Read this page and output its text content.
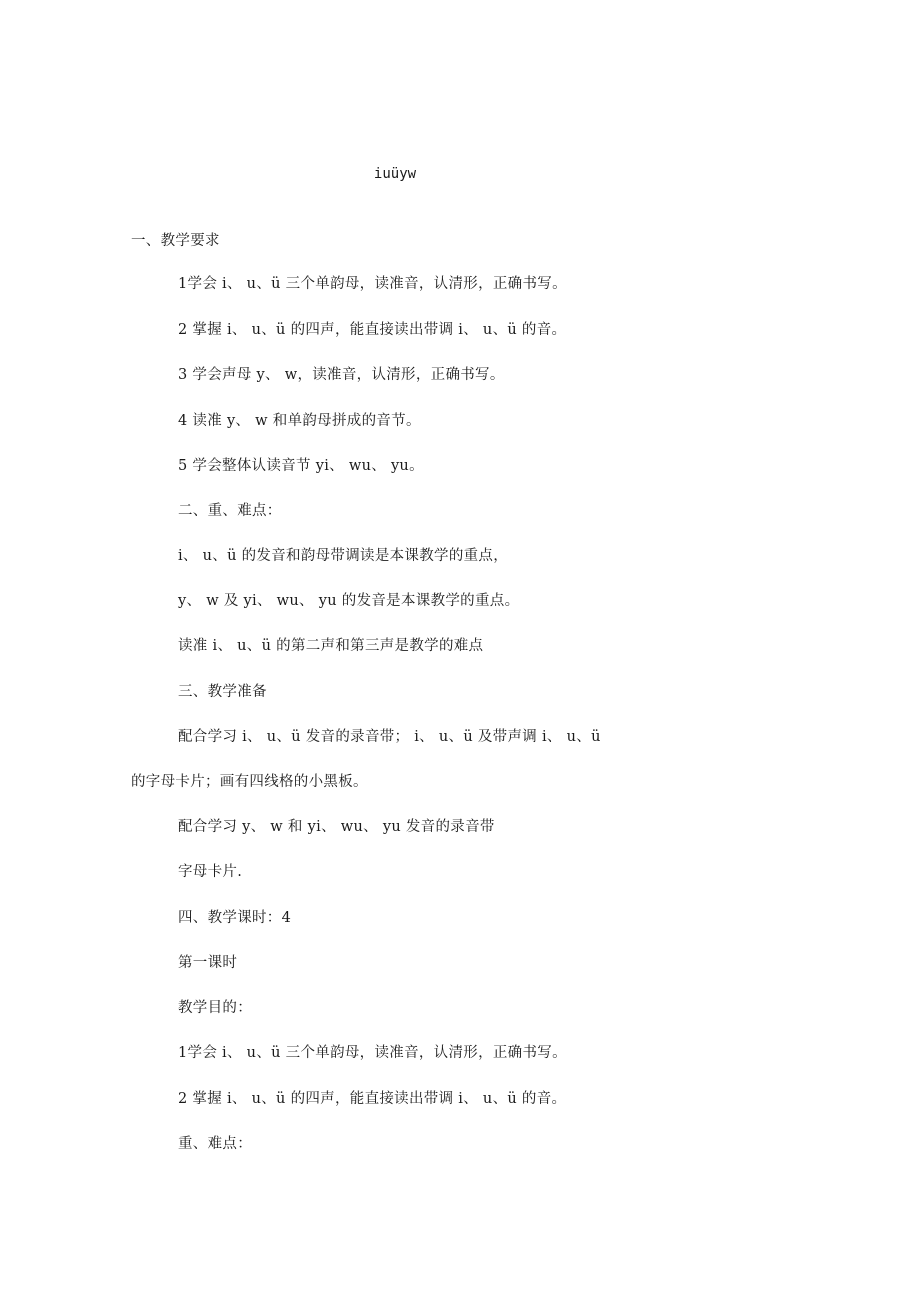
iuüyw
一、教学要求
1学会 i、 u、ü 三个单韵母，读准音，认清形，正确书写。
2 掌握 i、 u、ü 的四声，能直接读出带调 i、 u、ü 的音。
3 学会声母 y、 w，读准音，认清形，正确书写。
4 读准 y、 w 和单韵母拼成的音节。
5 学会整体认读音节 yi、 wu、 yu。
二、重、难点：
i、 u、ü 的发音和韵母带调读是本课教学的重点，
y、 w 及 yi、 wu、 yu 的发音是本课教学的重点。
读准 i、 u、ü 的第二声和第三声是教学的难点
三、教学准备
配合学习 i、 u、ü 发音的录音带； i、 u、ü 及带声调 i、 u、ü
的字母卡片；画有四线格的小黑板。
配合学习 y、 w 和 yi、 wu、 yu 发音的录音带
字母卡片.
四、教学课时：4
第一课时
教学目的：
1学会 i、 u、ü 三个单韵母，读准音，认清形，正确书写。
2 掌握 i、 u、ü 的四声，能直接读出带调 i、 u、ü 的音。
重、难点：
